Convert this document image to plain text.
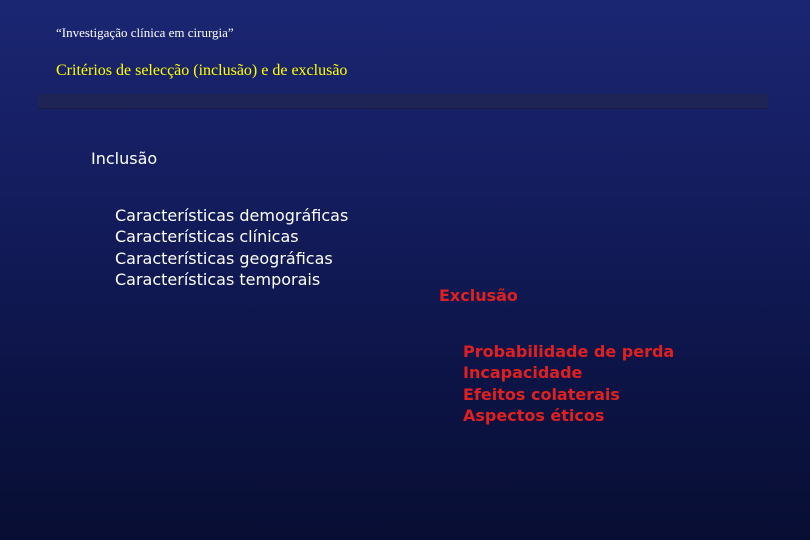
“Investigação clínica em cirurgia”
Critérios de selecção (inclusão) e de exclusão
Inclusão
Características demográficas
Características clínicas
Características geográficas
Características temporais
Exclusão
Probabilidade de perda
Incapacidade
Efeitos colaterais
Aspectos éticos
